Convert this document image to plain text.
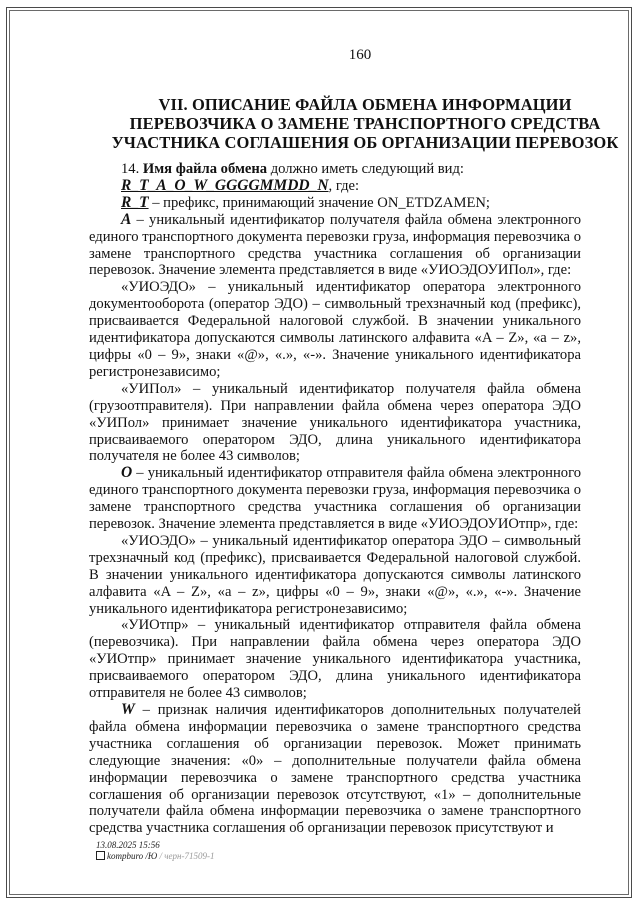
160
VII. ОПИСАНИЕ ФАЙЛА ОБМЕНА ИНФОРМАЦИИ
ПЕРЕВОЗЧИКА О ЗАМЕНЕ ТРАНСПОРТНОГО СРЕДСТВА
УЧАСТНИКА СОГЛАШЕНИЯ ОБ ОРГАНИЗАЦИИ ПЕРЕВОЗОК

14. Имя файла обмена должно иметь следующий вид:

R_T_A_O_W_GGGGMMDD_N, где:

R_T – префикс, принимающий значение ON_ETDZAMEN;

A – уникальный идентификатор получателя файла обмена электронного единого транспортного документа перевозки груза, информация перевозчика о замене транспортного средства участника соглашения об организации перевозок. Значение элемента представляется в виде «УИОЭДОУИПол», где:

«УИОЭДО» – уникальный идентификатор оператора электронного документооборота (оператор ЭДО) – символьный трехзначный код (префикс), присваивается Федеральной налоговой службой. В значении уникального идентификатора допускаются символы латинского алфавита «A – Z», «a – z», цифры «0 – 9», знаки «@», «.», «-». Значение уникального идентификатора регистронезависимо;

«УИПол» – уникальный идентификатор получателя файла обмена (грузоотправителя). При направлении файла обмена через оператора ЭДО «УИПол» принимает значение уникального идентификатора участника, присваиваемого оператором ЭДО, длина уникального идентификатора получателя не более 43 символов;

O – уникальный идентификатор отправителя файла обмена электронного единого транспортного документа перевозки груза, информация перевозчика о замене транспортного средства участника соглашения об организации перевозок. Значение элемента представляется в виде «УИОЭДОУИОтпр», где:

«УИОЭДО» – уникальный идентификатор оператора ЭДО – символьный трехзначный код (префикс), присваивается Федеральной налоговой службой. В значении уникального идентификатора допускаются символы латинского алфавита «A – Z», «a – z», цифры «0 – 9», знаки «@», «.», «-». Значение уникального идентификатора регистронезависимо;

«УИОтпр» – уникальный идентификатор отправителя файла обмена (перевозчика). При направлении файла обмена через оператора ЭДО «УИОтпр» принимает значение уникального идентификатора участника, присваиваемого оператором ЭДО, длина уникального идентификатора отправителя не более 43 символов;

W – признак наличия идентификаторов дополнительных получателей файла обмена информации перевозчика о замене транспортного средства участника соглашения об организации перевозок. Может принимать следующие значения: «0» – дополнительные получатели файла обмена информации перевозчика о замене транспортного средства участника соглашения об организации перевозок отсутствуют, «1» – дополнительные получатели файла обмена информации перевозчика о замене транспортного средства участника соглашения об организации перевозок присутствуют и

13.08.2025 15:56
kompburo /Ю / черн-71509-1
